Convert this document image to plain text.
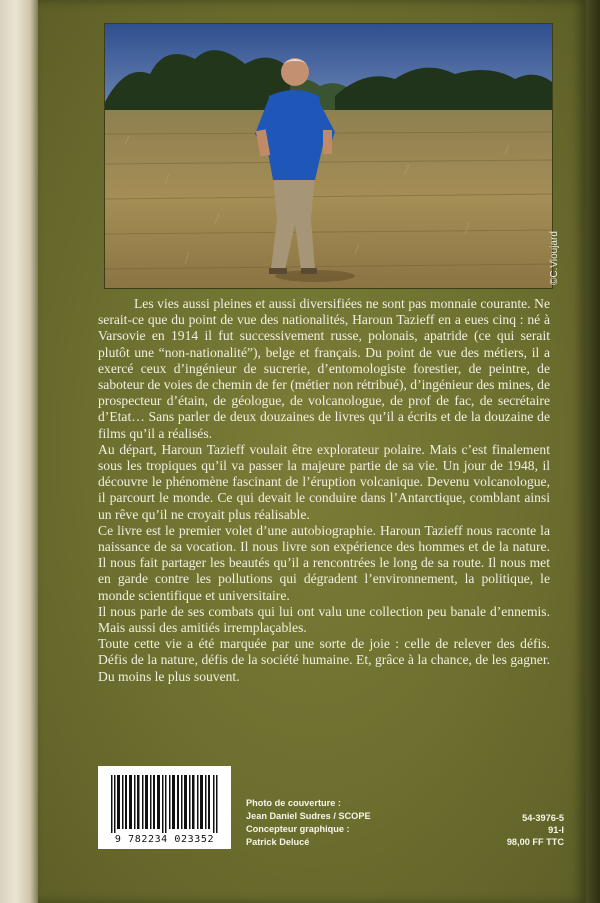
©C.Vioujard

Les vies aussi pleines et aussi diversifiées ne sont pas monnaie courante. Ne serait-ce que du point de vue des nationalités, Haroun Tazieff en a eues cinq : né à Varsovie en 1914 il fut successivement russe, polonais, apatride (ce qui serait plutôt une “non-nationalité”), belge et français. Du point de vue des métiers, il a exercé ceux d’ingénieur de sucrerie, d’entomologiste forestier, de peintre, de saboteur de voies de chemin de fer (métier non rétribué), d’ingénieur des mines, de prospecteur d’étain, de géologue, de volcanologue, de prof de fac, de secrétaire d’Etat… Sans parler de deux douzaines de livres qu’il a écrits et de la douzaine de films qu’il a réalisés.

Au départ, Haroun Tazieff voulait être explorateur polaire. Mais c’est finalement sous les tropiques qu’il va passer la majeure partie de sa vie. Un jour de 1948, il découvre le phénomène fascinant de l’éruption volcanique. Devenu volcanologue, il parcourt le monde. Ce qui devait le conduire dans l’Antarctique, comblant ainsi un rêve qu’il ne croyait plus réalisable.

Ce livre est le premier volet d’une autobiographie. Haroun Tazieff nous raconte la naissance de sa vocation. Il nous livre son expérience des hommes et de la nature. Il nous fait partager les beautés qu’il a rencontrées le long de sa route. Il nous met en garde contre les pollutions qui dégradent l’environnement, la politique, le monde scientifique et universitaire.

Il nous parle de ses combats qui lui ont valu une collection peu banale d’ennemis. Mais aussi des amitiés irremplaçables.

Toute cette vie a été marquée par une sorte de joie : celle de relever des défis. Défis de la nature, défis de la société humaine. Et, grâce à la chance, de les gagner. Du moins le plus souvent.

9 782234 023352
Photo de couverture :
Jean Daniel Sudres / SCOPE
Concepteur graphique :
Patrick Delucé
54-3976-5
91-I
98,00 FF TTC
